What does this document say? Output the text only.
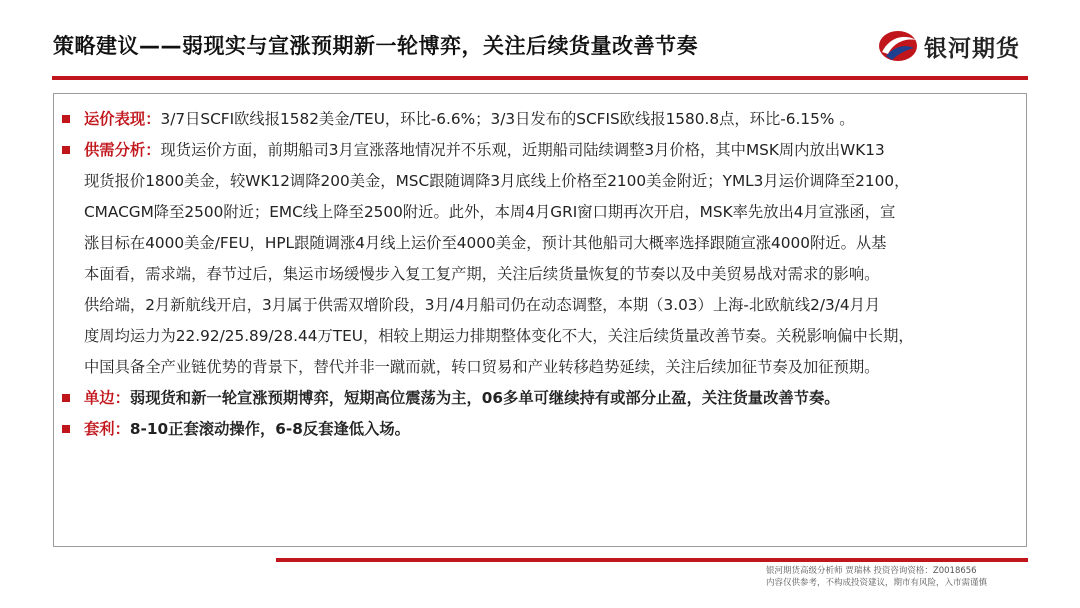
策略建议——弱现实与宣涨预期新一轮博弈，关注后续货量改善节奏	银河期货
运价表现：3/7日SCFI欧线报1582美金/TEU，环比-6.6%；3/3日发布的SCFIS欧线报1580.8点，环比-6.15% 。
供需分析：现货运价方面，前期船司3月宣涨落地情况并不乐观，近期船司陆续调整3月价格，其中MSK周内放出WK13
现货报价1800美金，较WK12调降200美金，MSC跟随调降3月底线上价格至2100美金附近；YML3月运价调降至2100，
CMACGM降至2500附近；EMC线上降至2500附近。此外，本周4月GRI窗口期再次开启，MSK率先放出4月宣涨函，宣
涨目标在4000美金/FEU，HPL跟随调涨4月线上运价至4000美金，预计其他船司大概率选择跟随宣涨4000附近。从基
本面看，需求端，春节过后，集运市场缓慢步入复工复产期，关注后续货量恢复的节奏以及中美贸易战对需求的影响。
供给端，2月新航线开启，3月属于供需双增阶段，3月/4月船司仍在动态调整，本期（3.03）上海-北欧航线2/3/4月月
度周均运力为22.92/25.89/28.44万TEU，相较上期运力排期整体变化不大，关注后续货量改善节奏。关税影响偏中长期，
中国具备全产业链优势的背景下，替代并非一蹴而就，转口贸易和产业转移趋势延续，关注后续加征节奏及加征预期。
单边：弱现货和新一轮宣涨预期博弈，短期高位震荡为主，06多单可继续持有或部分止盈，关注货量改善节奏。
套利：8-10正套滚动操作，6-8反套逢低入场。
银河期货高级分析师 贾瑞林 投资咨询资格：Z0018656
内容仅供参考，不构成投资建议，期市有风险，入市需谨慎
